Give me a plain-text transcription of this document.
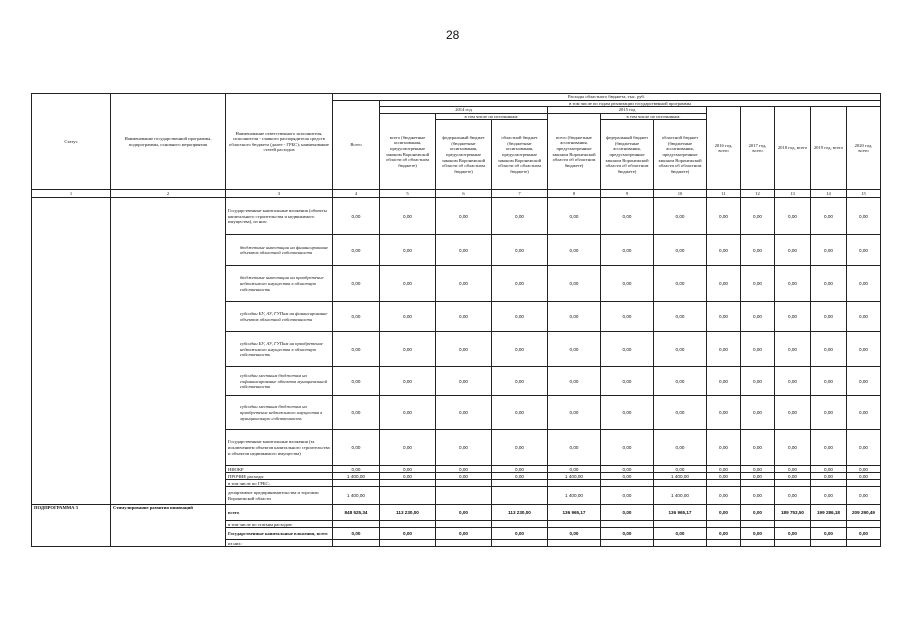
28
Статус	Наименование государственной программы, подпрограммы, основного мероприятия	Наименование ответственного исполнителя, исполнителя - главного распорядителя средств областного бюджета (далее - ГРБС); наименование статей расходов	Расходы областного бюджета, тыс. руб.											
			Всего	в том числе по годам реализации государственной программы										
				2014 год			2015 год			2016 год, всего	2017 год, всего	2018 год, всего	2019 год, всего	2020 год, всего
				всего (бюджетные ассигнования, предусмотренные законом Воронежской области об областном бюджете)	в том числе по источникам:		всего (бюджетные ассигнования, предусмотренные законом Воронежской области об областном бюджете)	в том числе по источникам:						
					федеральный бюджет (бюджетные ассигнования, предусмотренные законом Воронежской области об областном бюджете)	областной бюджет (бюджетные ассигнования, предусмотренные законом Воронежской области об областном бюджете)		федеральный бюджет (бюджетные ассигнования, предусмотренные законом Воронежской области об областном бюджете)	областной бюджет (бюджетные ассигнования, предусмотренные законом Воронежской области об областном бюджете)					
1	2	3	4	5	6	7	8	9	10	11	12	13	14	15
		Государственные капитальные вложения (объекты капитального строительства и недвижимого имущества), из них:	0,00	0,00	0,00	0,00	0,00	0,00	0,00	0,00	0,00	0,00	0,00	0,00
		бюджетные инвестиции на финансирование объектов областной собственности	0,00	0,00	0,00	0,00	0,00	0,00	0,00	0,00	0,00	0,00	0,00	0,00
		бюджетные инвестиции на приобретение недвижимого имущества в областную собственность	0,00	0,00	0,00	0,00	0,00	0,00	0,00	0,00	0,00	0,00	0,00	0,00
		субсидии БУ, АУ, ГУПам на финансирование объектов областной собственности	0,00	0,00	0,00	0,00	0,00	0,00	0,00	0,00	0,00	0,00	0,00	0,00
		субсидии БУ, АУ, ГУПам на приобретение недвижимого имущества в областную собственность	0,00	0,00	0,00	0,00	0,00	0,00	0,00	0,00	0,00	0,00	0,00	0,00
		субсидии местным бюджетам на софинансирование объектов муниципальной собственности	0,00	0,00	0,00	0,00	0,00	0,00	0,00	0,00	0,00	0,00	0,00	0,00
		субсидии местным бюджетам на приобретение недвижимого имущества в муниципальную собственность	0,00	0,00	0,00	0,00	0,00	0,00	0,00	0,00	0,00	0,00	0,00	0,00
		Государственные капитальные вложения (за исключением объектов капитального строительства и объектов недвижимого имущества)	0,00	0,00	0,00	0,00	0,00	0,00	0,00	0,00	0,00	0,00	0,00	0,00
		НИОКР	0,00	0,00	0,00	0,00	0,00	0,00	0,00	0,00	0,00	0,00	0,00	0,00
		ПРОЧИЕ расходы	1 400,00	0,00	0,00	0,00	1 400,00	0,00	1 400,00	0,00	0,00	0,00	0,00	0,00
		в том числе по ГРБС:												
		департамент предпринимательства и торговли Воронежской области	1 400,00				1 400,00	0,00	1 400,00	0,00	0,00	0,00	0,00	0,00
ПОДПРОГРАММА 3	Стимулирование развития инноваций	всего	848 525,34	113 230,00	0,00	113 230,00	136 965,17	0,00	136 965,17	0,00	0,00	189 753,50	199 286,18	209 290,49
		в том числе по статьям расходов:												
		Государственные капитальные вложения, всего	0,00	0,00	0,00	0,00	0,00	0,00	0,00	0,00	0,00	0,00	0,00	0,00
		из них:												
